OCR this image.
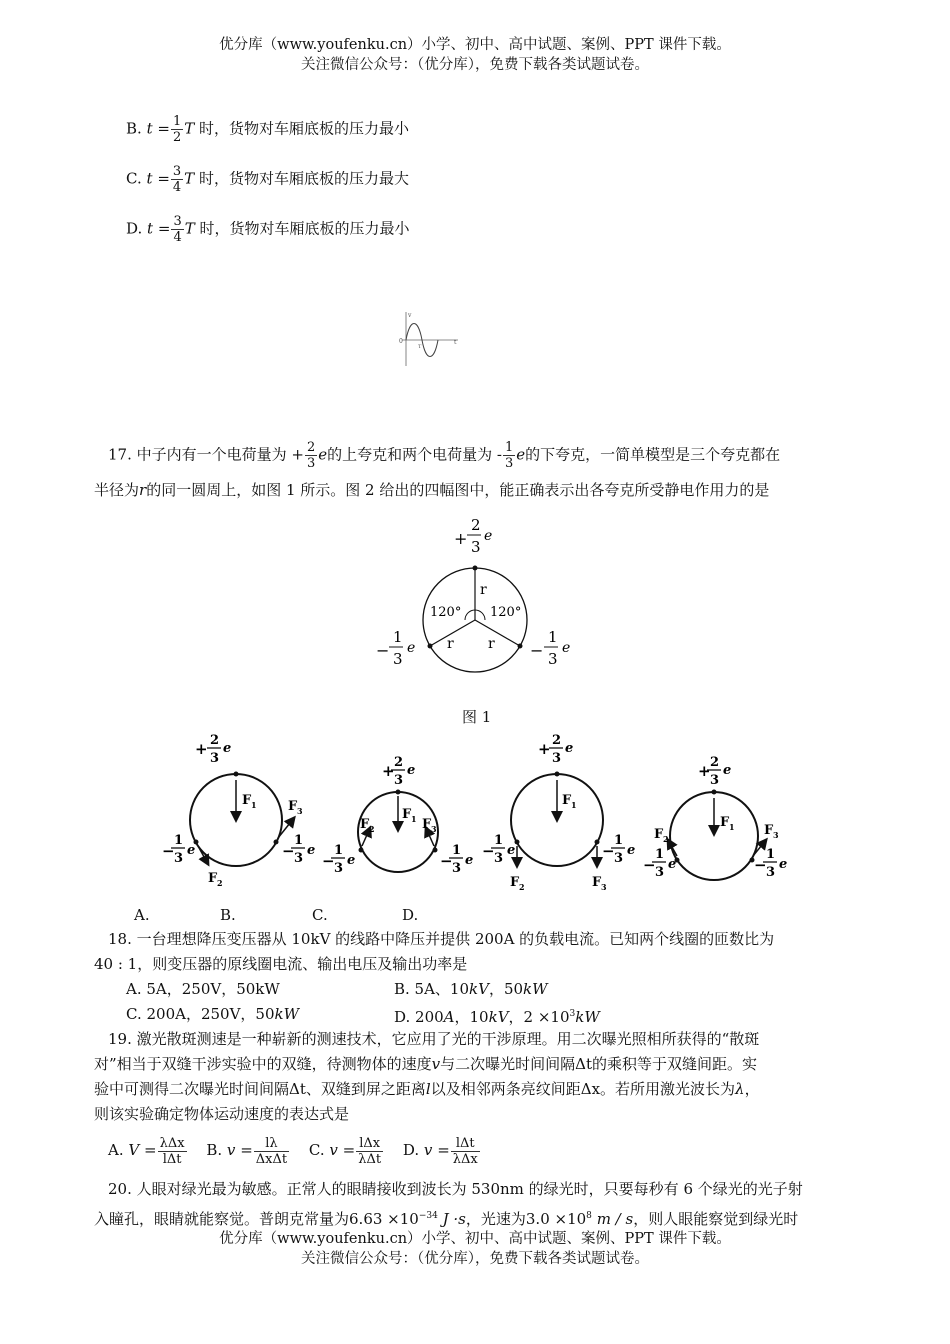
优分库（www.youfenku.cn）小学、初中、高中试题、案例、PPT 课件下载。
关注微信公众号：（优分库），免费下载各类试题试卷。
B. $t = \frac{1}{2}$ T 时，货物对车厢底板的压力最小
C. $t = \frac{3}{4}$ T 时，货物对车厢底板的压力最大
D. $t = \frac{3}{4}$ T 时，货物对车厢底板的压力最小
v
0	t
T
17. 中子内有一个电荷量为 + $\frac{2}{3}$ e的上夸克和两个电荷量为 - $\frac{1}{3}$ e的下夸克，一简单模型是三个夸克都在
半径为r的同一圆周上，如图 1 所示。图 2 给出的四幅图中，能正确表示出各夸克所受静电作用力的是
+
2
3
e
r
r r
120° 120°
−
1
3
e	−
1
3
e
图 1
+ 2
3
e
F 1
F 2
F 3
−
1
3
e	−
1
3
e
+ 2
3
e
F 1
F 2	F 3
−
1
3
e	−
1
3
e
+ 2
3
e
F 1
F 2	F 3
−
1
3
e	−
1
3
e
+ 2
3
e
F 1
F 2
F 3
−
1
3
e	−
1
3
e
A.	B.	C.	D.
18. 一台理想降压变压器从 10kV 的线路中降压并提供 200A 的负载电流。已知两个线圈的匝数比为
40 : 1，则变压器的原线圈电流、输出电压及输出功率是
A. 5A，250V，50kW	B. 5A、10kV，50kW
C. 200A，250V，50kW	D. 200A，10kV，$2 \times 10^3kW$
19. 激光散斑测速是一种崭新的测速技术，它应用了光的干涉原理。用二次曝光照相所获得的“散斑
对”相当于双缝干涉实验中的双缝，待测物体的速度v与二次曝光时间间隔Δt的乘积等于双缝间距。实
验中可测得二次曝光时间间隔Δt、双缝到屏之距离l以及相邻两条亮纹间距Δx。若所用激光波长为λ，
则该实验确定物体运动速度的表达式是
A. $V = \frac{\text{λΔx}}{\text{lΔt}} B$. $v = \frac{l\lambda}{\text{ΔxΔt}} C$. $v = \frac{\text{lΔx}}{\text{λΔt}} D$. $v = \frac{\text{lΔt}}{\text{λΔx}}$
20. 人眼对绿光最为敏感。正常人的眼睛接收到波长为 530nm 的绿光时，只要每秒有 6 个绿光的光子射
入瞳孔，眼睛就能察觉。普朗克常量为$6.63 \times 10^{-34}$ J ·s，光速为$3.0 \times 10^8$ m / s，则人眼能察觉到绿光时
优分库（www.youfenku.cn）小学、初中、高中试题、案例、PPT 课件下载。
关注微信公众号：（优分库），免费下载各类试题试卷。
